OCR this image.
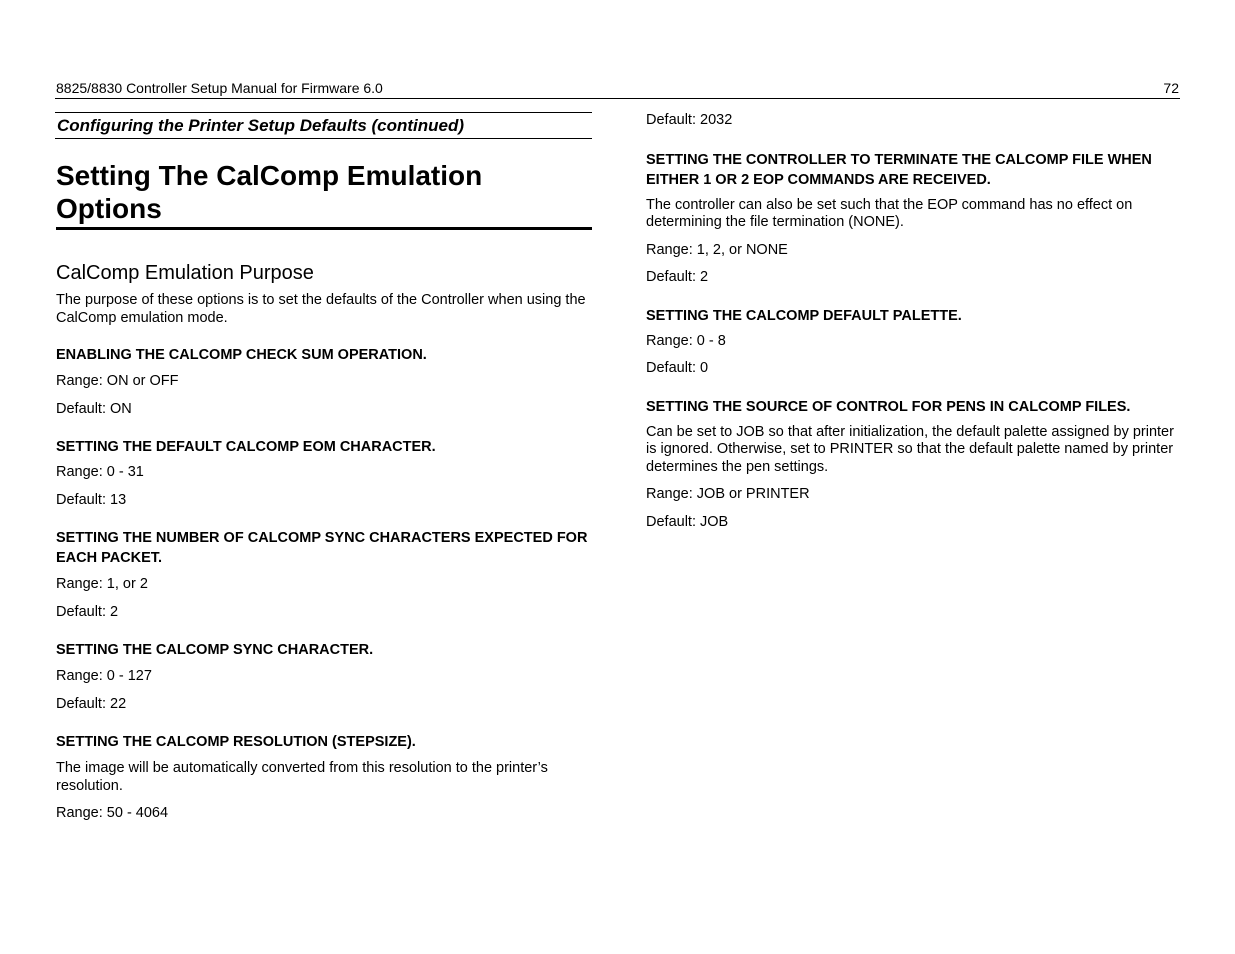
8825/8830 Controller Setup Manual for Firmware 6.0	72
Configuring the Printer Setup Defaults (continued)
Setting The CalComp Emulation Options
CalComp Emulation Purpose

The purpose of these options is to set the defaults of the Controller when using the CalComp emulation mode.

ENABLING THE CALCOMP CHECK SUM OPERATION.

Range: ON or OFF

Default: ON

SETTING THE DEFAULT CALCOMP EOM CHARACTER.

Range: 0 - 31

Default: 13

SETTING THE NUMBER OF CALCOMP SYNC CHARACTERS EXPECTED FOR EACH PACKET.

Range: 1, or 2

Default: 2

SETTING THE CALCOMP SYNC CHARACTER.

Range: 0 - 127

Default: 22

SETTING THE CALCOMP RESOLUTION (STEPSIZE).

The image will be automatically converted from this resolution to the printer’s resolution.

Range: 50 - 4064

Default: 2032

SETTING THE CONTROLLER TO TERMINATE THE CALCOMP FILE WHEN EITHER 1 OR 2 EOP COMMANDS ARE RECEIVED.

The controller can also be set such that the EOP command has no effect on determining the file termination (NONE).

Range: 1, 2, or NONE

Default: 2

SETTING THE CALCOMP DEFAULT PALETTE.

Range: 0 - 8

Default: 0

SETTING THE SOURCE OF CONTROL FOR PENS IN CALCOMP FILES.

Can be set to JOB so that after initialization, the default palette assigned by printer is ignored. Otherwise, set to PRINTER so that the default palette named by printer determines the pen settings.

Range: JOB or PRINTER

Default: JOB
